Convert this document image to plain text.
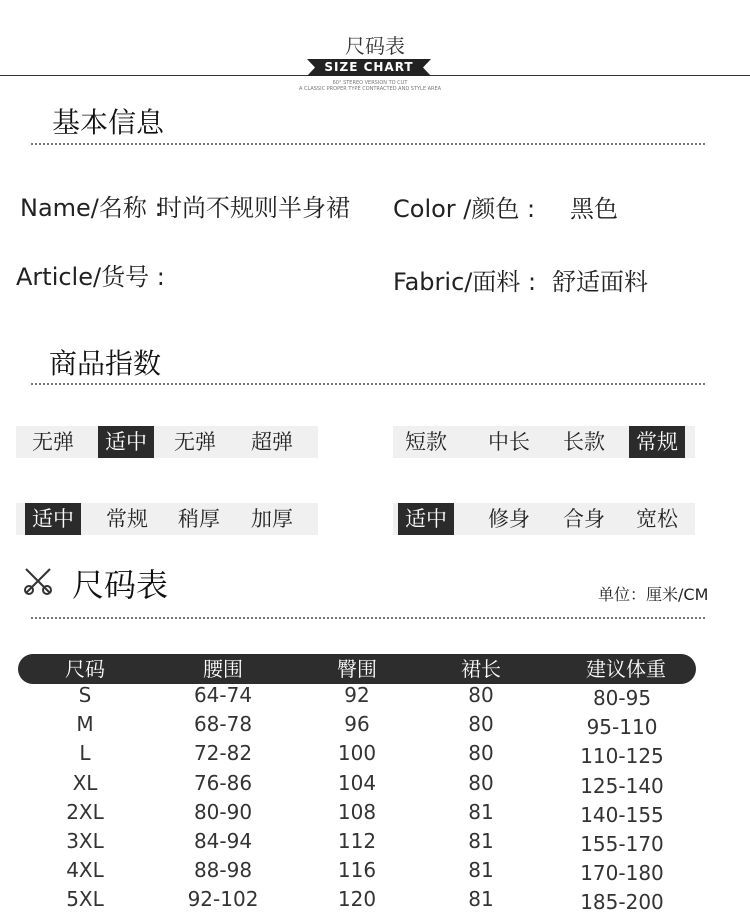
尺码表
SIZE CHART
60° STEREO VERSION TO CUT
A CLASSIC PROPER TYPE CONTRACTED AND STYLE AREA
基本信息
Name/名称 :
时尚不规则半身裙 Color /颜色 : 黑色
Article/货号 :	Fabric/面料 : 舒适面料
商品指数
无弹	适中	无弹	超弹	短款	中长	长款	常规
适中	常规	稍厚	加厚	适中	修身	合身	宽松
尺码表	单位：厘米/CM
尺码	腰围	臀围	裙长	建议体重
S	64-74	92	80	80-95
M	68-78	96	80	95-110
L	72-82	100	80	110-125
XL	76-86	104	80	125-140
2XL	80-90	108	81	140-155
3XL	84-94	112	81	155-170
4XL	88-98	116	81	170-180
5XL	92-102	120	81	185-200
